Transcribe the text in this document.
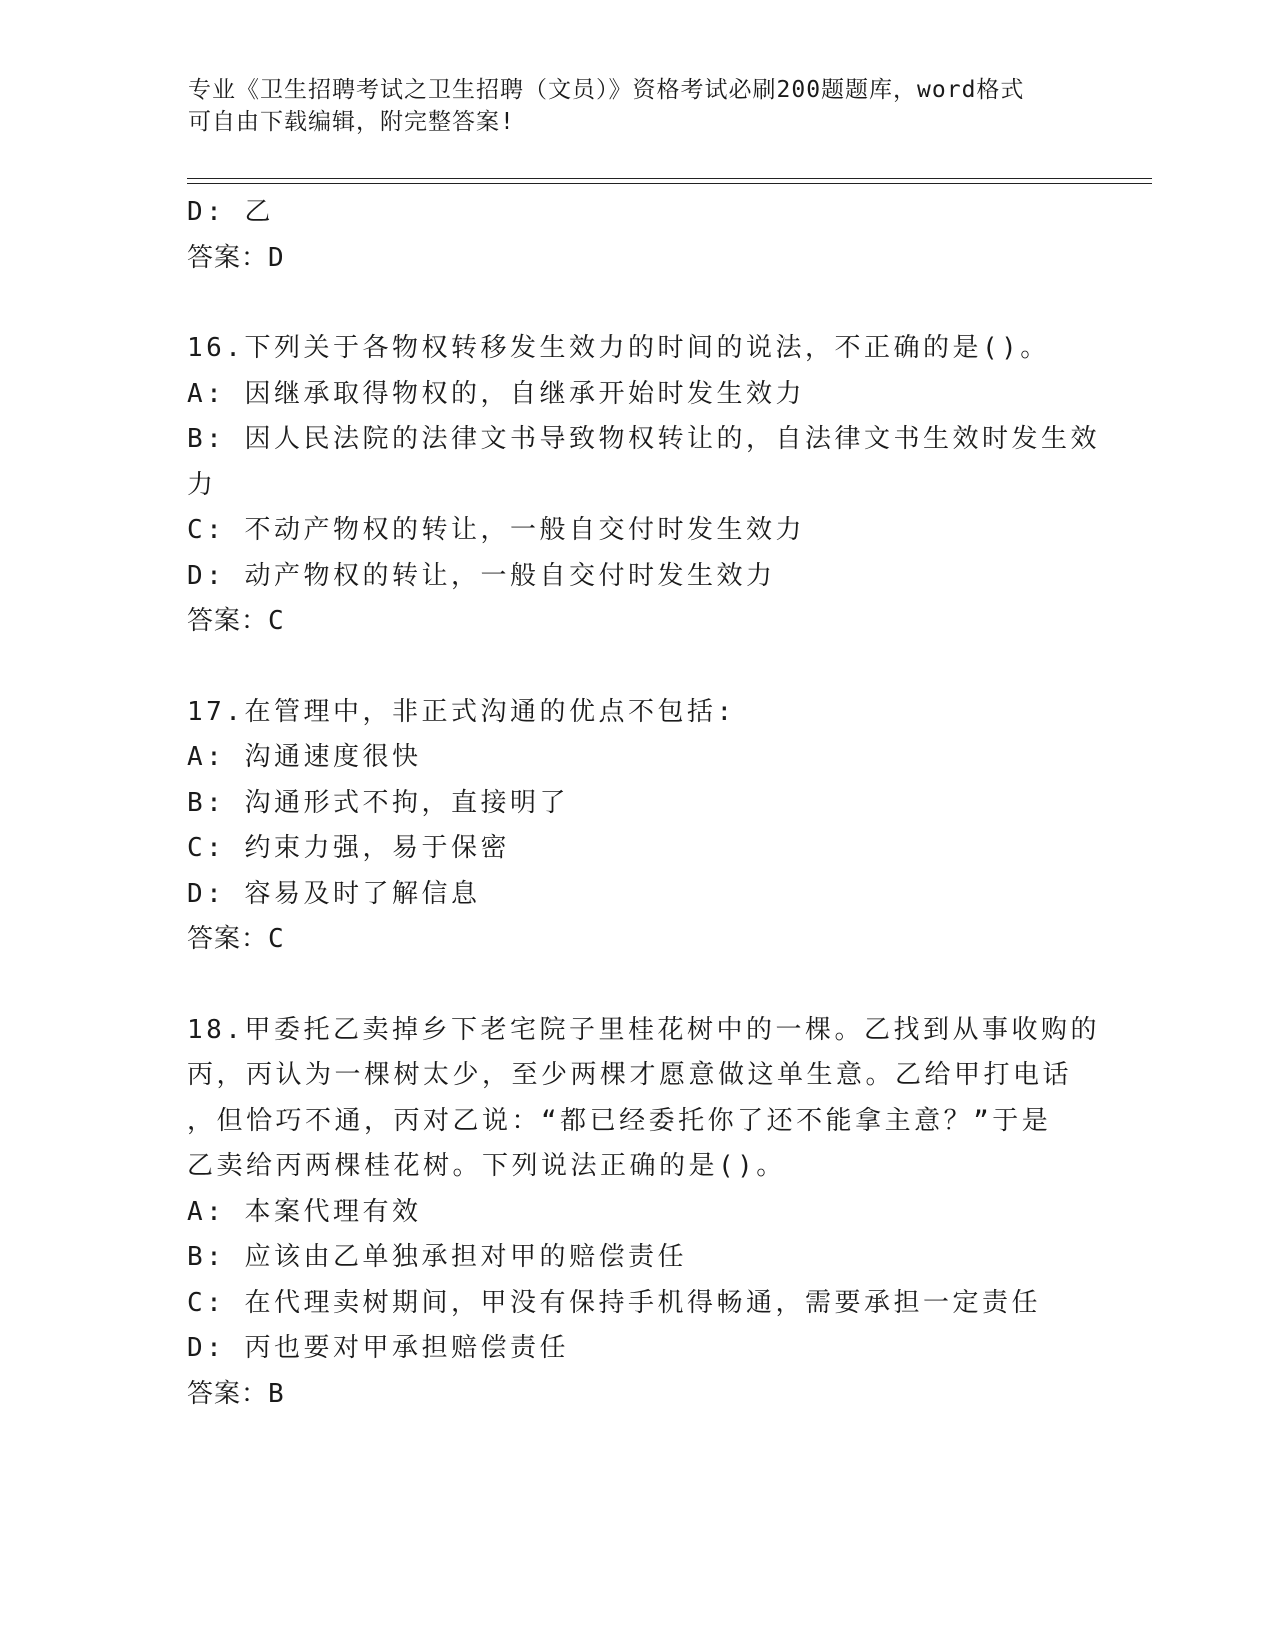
专业《卫生招聘考试之卫生招聘（文员）》资格考试必刷200题题库，word格式
可自由下载编辑，附完整答案!
D: 乙
答案：D
16.下列关于各物权转移发生效力的时间的说法，不正确的是()。
A: 因继承取得物权的，自继承开始时发生效力
B: 因人民法院的法律文书导致物权转让的，自法律文书生效时发生效
力
C: 不动产物权的转让，一般自交付时发生效力
D: 动产物权的转让，一般自交付时发生效力
答案：C
17.在管理中，非正式沟通的优点不包括:
A: 沟通速度很快
B: 沟通形式不拘，直接明了
C: 约束力强，易于保密
D: 容易及时了解信息
答案：C
18.甲委托乙卖掉乡下老宅院子里桂花树中的一棵。乙找到从事收购的
丙，丙认为一棵树太少，至少两棵才愿意做这单生意。乙给甲打电话
，但恰巧不通，丙对乙说：“都已经委托你了还不能拿主意？”于是
乙卖给丙两棵桂花树。下列说法正确的是()。
A: 本案代理有效
B: 应该由乙单独承担对甲的赔偿责任
C: 在代理卖树期间，甲没有保持手机得畅通，需要承担一定责任
D: 丙也要对甲承担赔偿责任
答案：B
